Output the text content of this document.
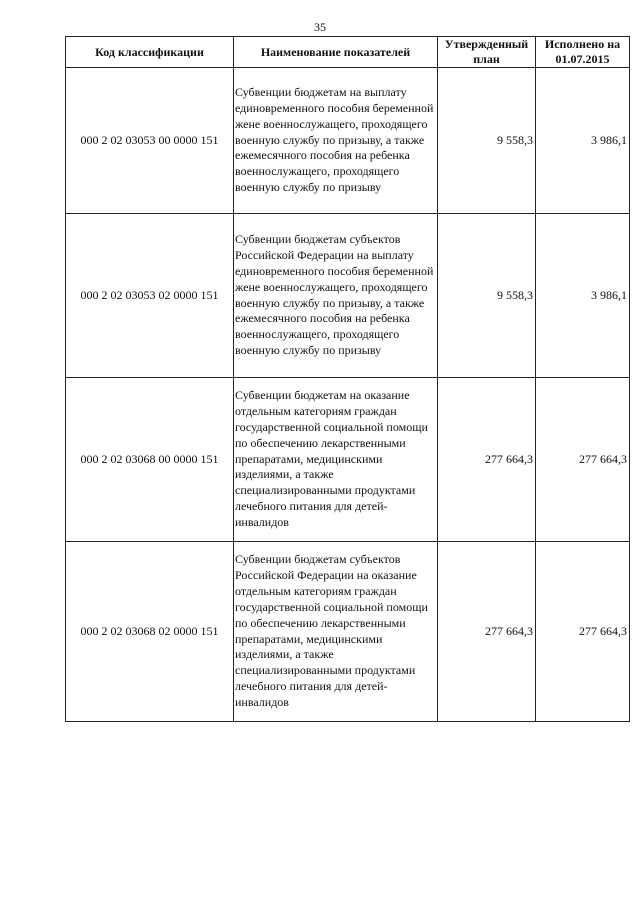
35
Код классификации	Наименование показателей	Утвержденный план	Исполнено на 01.07.2015
000 2 02 03053 00 0000 151	Субвенции бюджетам на выплату единовременного пособия беременной жене военнослужащего, проходящего военную службу по призыву, а также ежемесячного пособия на ребенка военнослужащего, проходящего военную службу по призыву	9 558,3	3 986,1
000 2 02 03053 02 0000 151	Субвенции бюджетам субъектов Российской Федерации на выплату единовременного пособия беременной жене военнослужащего, проходящего военную службу по призыву, а также ежемесячного пособия на ребенка военнослужащего, проходящего военную службу по призыву	9 558,3	3 986,1
000 2 02 03068 00 0000 151	Субвенции бюджетам на оказание отдельным категориям граждан государственной социальной помощи по обеспечению лекарственными препаратами, медицинскими изделиями, а также специализированными продуктами лечебного питания для детей-инвалидов	277 664,3	277 664,3
000 2 02 03068 02 0000 151	Субвенции бюджетам субъектов Российской Федерации на оказание отдельным категориям граждан государственной социальной помощи по обеспечению лекарственными препаратами, медицинскими изделиями, а также специализированными продуктами лечебного питания для детей-инвалидов	277 664,3	277 664,3
